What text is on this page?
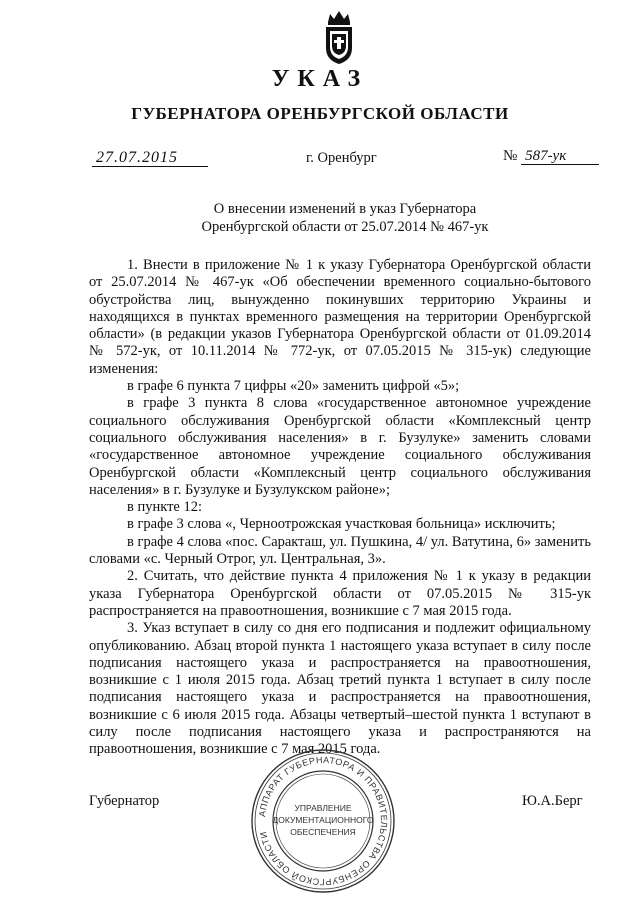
УКАЗ
ГУБЕРНАТОРА ОРЕНБУРГСКОЙ ОБЛАСТИ
27.07.2015	г. Оренбург	№ 587-ук
О внесении изменений в указ Губернатора
Оренбургской области от 25.07.2014 № 467-ук

1. Внести в приложение № 1 к указу Губернатора Оренбургской области от 25.07.2014 № 467-ук «Об обеспечении временного социально-бытового обустройства лиц, вынужденно покинувших территорию Украины и находящихся в пунктах временного размещения на территории Оренбургской области» (в редакции указов Губернатора Оренбургской области от 01.09.2014 № 572-ук, от 10.11.2014 № 772-ук, от 07.05.2015 № 315-ук) следующие изменения:

в графе 6 пункта 7 цифры «20» заменить цифрой «5»;

в графе 3 пункта 8 слова «государственное автономное учреждение социального обслуживания Оренбургской области «Комплексный центр социального обслуживания населения» в г. Бузулуке» заменить словами «государственное автономное учреждение социального обслуживания Оренбургской области «Комплексный центр социального обслуживания населения» в г. Бузулуке и Бузулукском районе»;

в пункте 12:

в графе 3 слова «, Черноотрожская участковая больница» исключить;

в графе 4 слова «пос. Саракташ, ул. Пушкина, 4/ ул. Ватутина, 6» заменить словами «с. Черный Отрог, ул. Центральная, 3».

2. Считать, что действие пункта 4 приложения № 1 к указу в редакции указа Губернатора Оренбургской области от 07.05.2015 № 315-ук распространяется на правоотношения, возникшие с 7 мая 2015 года.

3. Указ вступает в силу со дня его подписания и подлежит официальному опубликованию. Абзац второй пункта 1 настоящего указа вступает в силу после подписания настоящего указа и распространяется на правоотношения, возникшие с 1 июля 2015 года. Абзац третий пункта 1 вступает в силу после подписания настоящего указа и распространяется на правоотношения, возникшие с 6 июля 2015 года. Абзацы четвертый–шестой пункта 1 вступают в силу после подписания настоящего указа и распространяются на правоотношения, возникшие с 7 мая 2015 года.

Губернатор	Ю.А.Берг
АППАРАТ ГУБЕРНАТОРА И ПРАВИТЕЛЬСТВА ОРЕНБУРГСКОЙ ОБЛАСТИ
УПРАВЛЕНИЕ
ДОКУМЕНТАЦИОННОГО
ОБЕСПЕЧЕНИЯ
